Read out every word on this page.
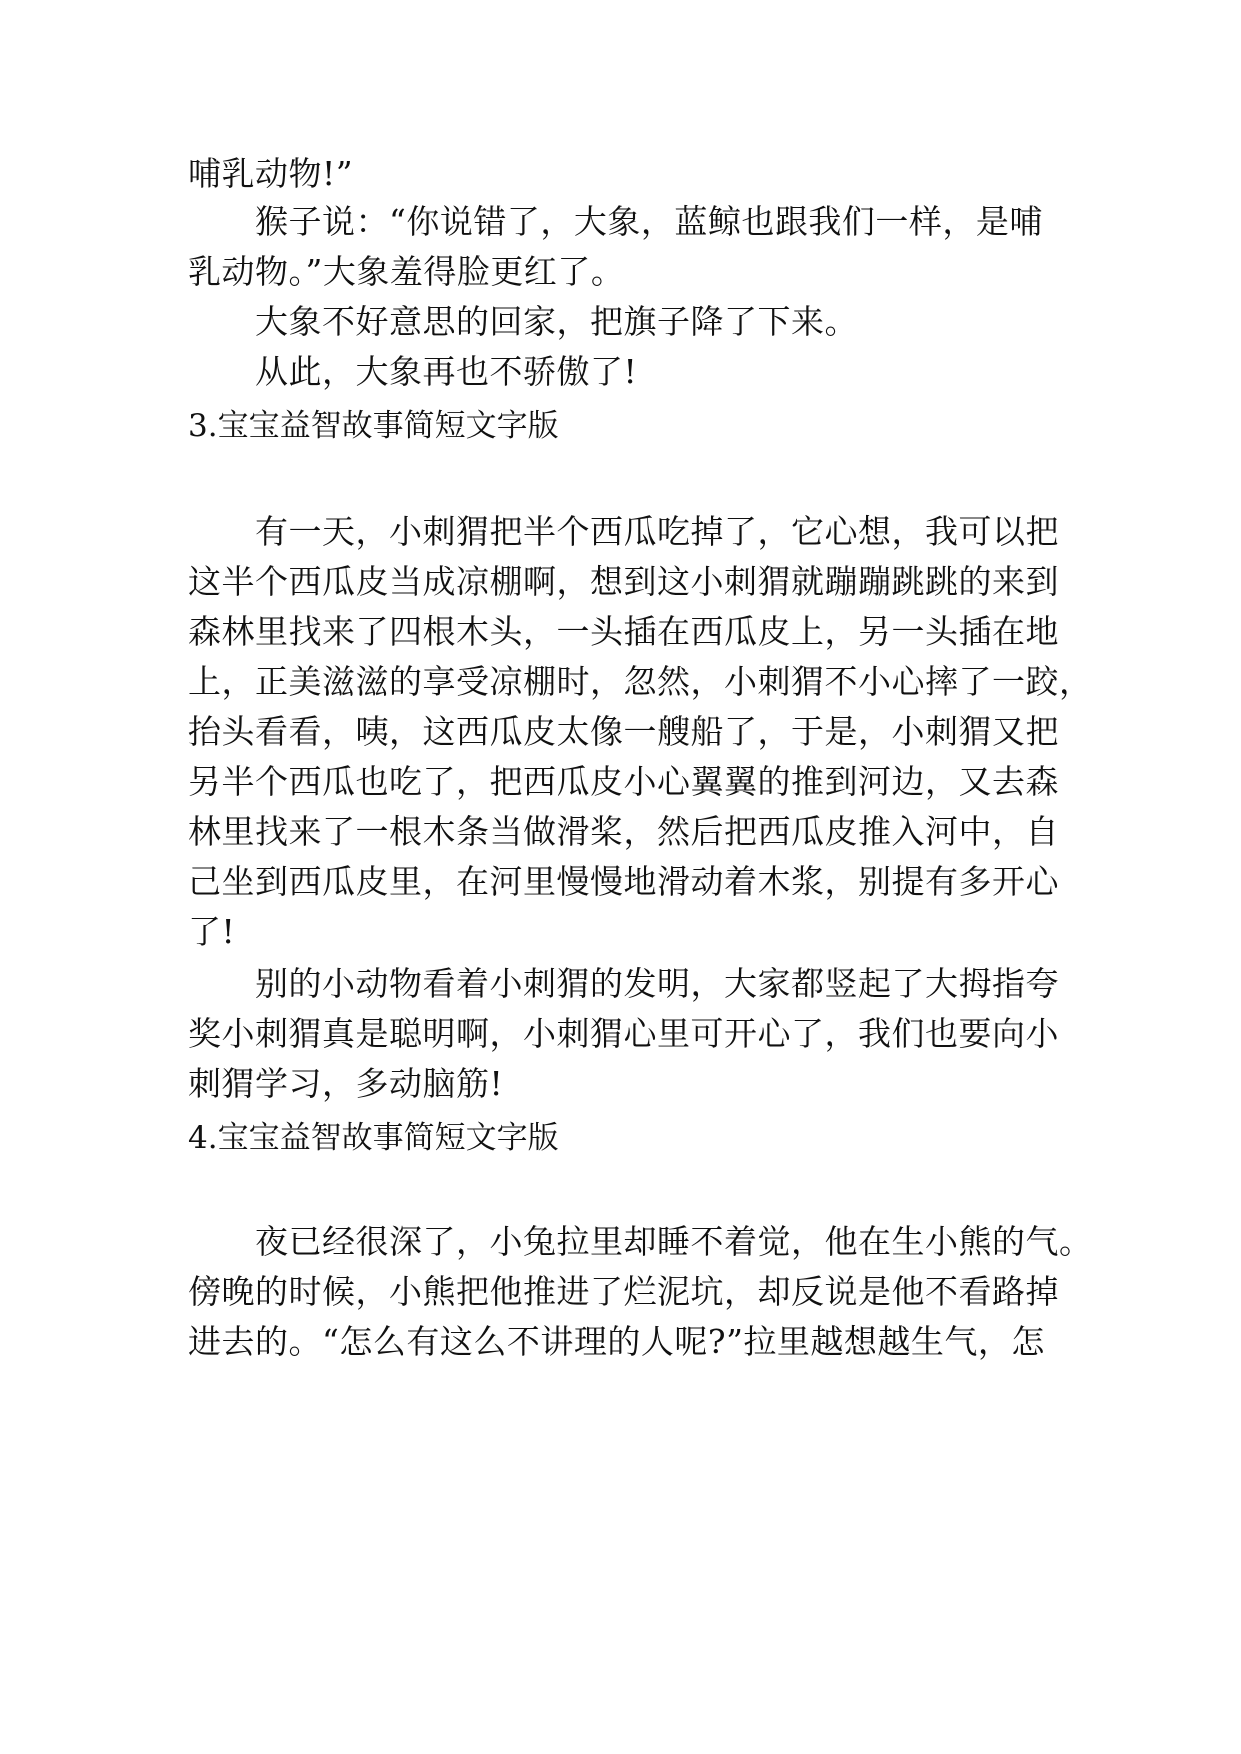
哺乳动物!”
猴子说：“你说错了，大象，蓝鲸也跟我们一样，是哺
乳动物。”大象羞得脸更红了。
大象不好意思的回家，把旗子降了下来。
从此，大象再也不骄傲了!
3.宝宝益智故事简短文字版
有一天，小刺猬把半个西瓜吃掉了，它心想，我可以把
这半个西瓜皮当成凉棚啊，想到这小刺猬就蹦蹦跳跳的来到
森林里找来了四根木头，一头插在西瓜皮上，另一头插在地
上，正美滋滋的享受凉棚时，忽然，小刺猬不小心摔了一跤，
抬头看看，咦，这西瓜皮太像一艘船了，于是，小刺猬又把
另半个西瓜也吃了，把西瓜皮小心翼翼的推到河边，又去森
林里找来了一根木条当做滑桨，然后把西瓜皮推入河中，自
己坐到西瓜皮里，在河里慢慢地滑动着木浆，别提有多开心
了!
别的小动物看着小刺猬的发明，大家都竖起了大拇指夸
奖小刺猬真是聪明啊，小刺猬心里可开心了，我们也要向小
刺猬学习，多动脑筋!
4.宝宝益智故事简短文字版
夜已经很深了，小兔拉里却睡不着觉，他在生小熊的气。
傍晚的时候，小熊把他推进了烂泥坑，却反说是他不看路掉
进去的。“怎么有这么不讲理的人呢?”拉里越想越生气，怎
